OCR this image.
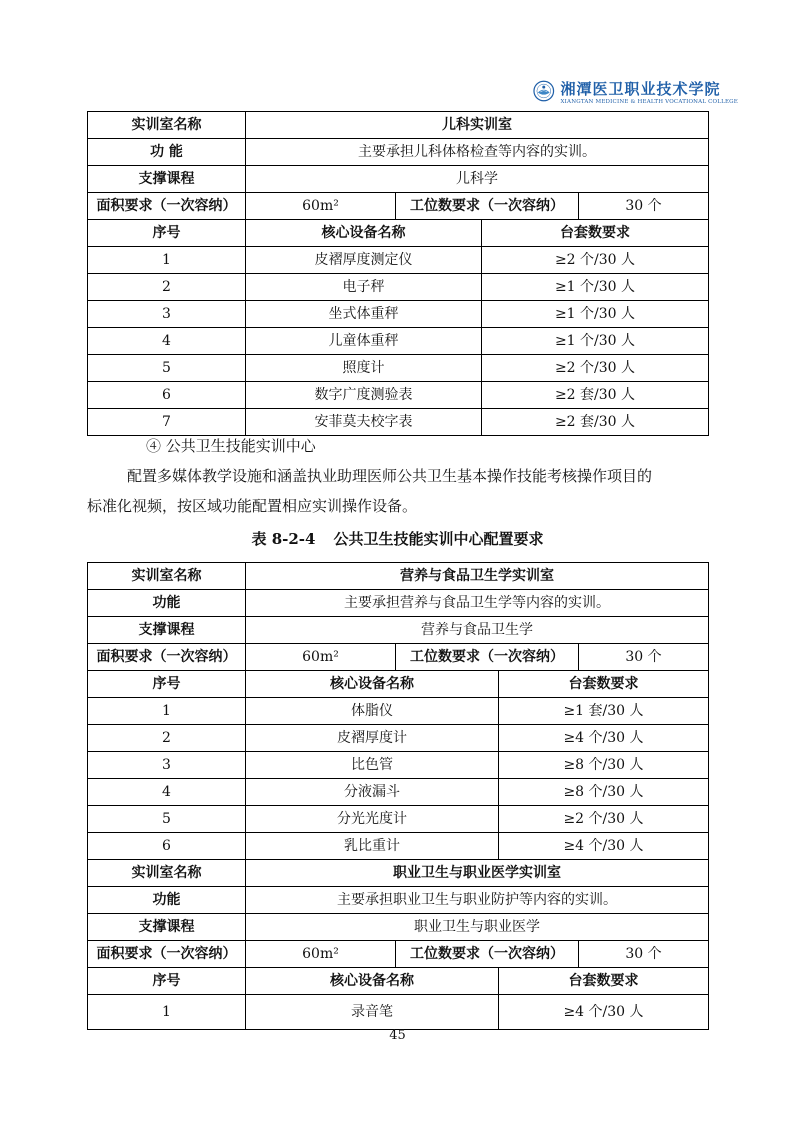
湘潭医卫职业技术学院
XIANGTAN MEDICINE & HEALTH VOCATIONAL COLLEGE
实训室名称	儿科实训室			
功 能	主要承担儿科体格检查等内容的实训。			
支撑课程	儿科学			
面积要求（一次容纳）	60m²	工位数要求（一次容纳）		30 个
序号	核心设备名称		台套数要求	
1	皮褶厚度测定仪		≥2 个/30 人	
2	电子秤		≥1 个/30 人	
3	坐式体重秤		≥1 个/30 人	
4	儿童体重秤		≥1 个/30 人	
5	照度计		≥2 个/30 人	
6	数字广度测验表		≥2 套/30 人	
7	安菲莫夫校字表		≥2 套/30 人	
④ 公共卫生技能实训中心
配置多媒体教学设施和涵盖执业助理医师公共卫生基本操作技能考核操作项目的
标准化视频，按区域功能配置相应实训操作设备。
表 8-2-4 公共卫生技能实训中心配置要求
实训室名称	营养与食品卫生学实训室			
功能	主要承担营养与食品卫生学等内容的实训。			
支撑课程	营养与食品卫生学			
面积要求（一次容纳）	60m²	工位数要求（一次容纳）		30 个
序号	核心设备名称		台套数要求	
1	体脂仪		≥1 套/30 人	
2	皮褶厚度计		≥4 个/30 人	
3	比色管		≥8 个/30 人	
4	分液漏斗		≥8 个/30 人	
5	分光光度计		≥2 个/30 人	
6	乳比重计		≥4 个/30 人	
实训室名称	职业卫生与职业医学实训室			
功能	主要承担职业卫生与职业防护等内容的实训。			
支撑课程	职业卫生与职业医学			
面积要求（一次容纳）	60m²	工位数要求（一次容纳）		30 个
序号	核心设备名称		台套数要求	
1	录音笔		≥4 个/30 人	
45
